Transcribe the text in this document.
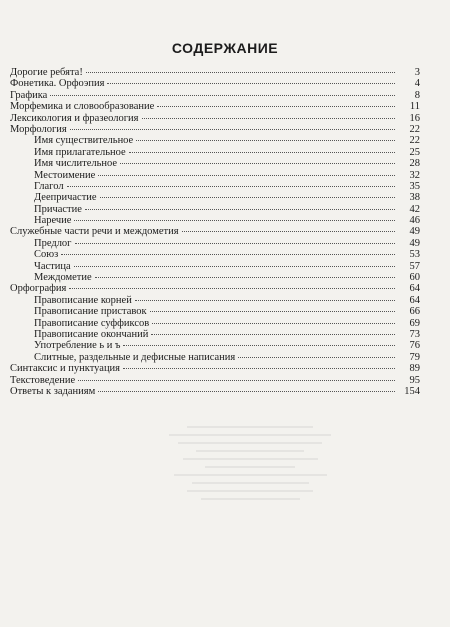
СОДЕРЖАНИЕ
Дорогие ребята!	3
Фонетика. Орфоэпия	4
Графика	8
Морфемика и словообразование	11
Лексикология и фразеология	16
Морфология	22
Имя существительное	22
Имя прилагательное	25
Имя числительное	28
Местоимение	32
Глагол	35
Деепричастие	38
Причастие	42
Наречие	46
Служебные части речи и междометия	49
Предлог	49
Союз	53
Частица	57
Междометие	60
Орфография	64
Правописание корней	64
Правописание приставок	66
Правописание суффиксов	69
Правописание окончаний	73
Употребление ь и ъ	76
Слитные, раздельные и дефисные написания	79
Синтаксис и пунктуация	89
Текстоведение	95
Ответы к заданиям	154
